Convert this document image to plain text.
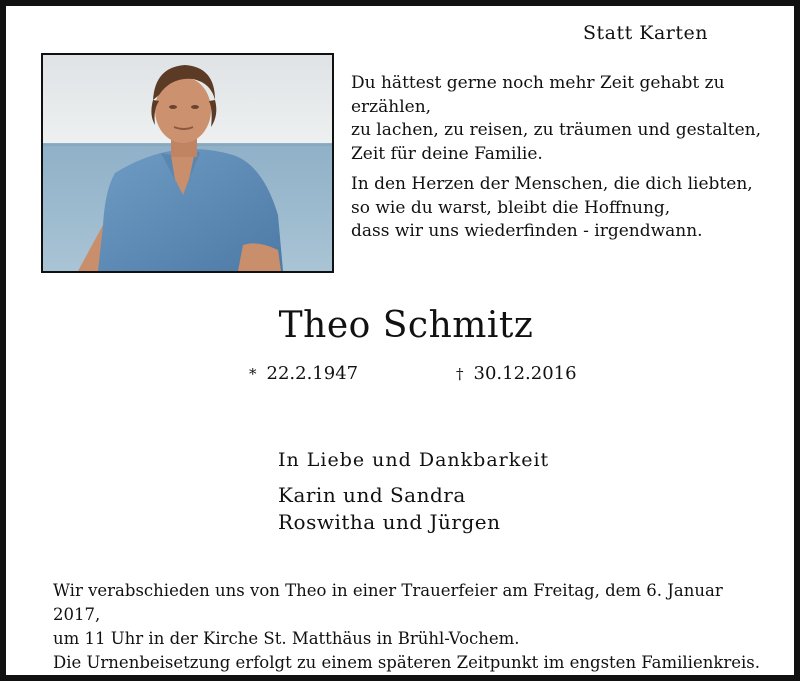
Statt Karten

Du hättest gerne noch mehr Zeit gehabt zu erzählen,
zu lachen, zu reisen, zu träumen und gestalten,
Zeit für deine Familie.

In den Herzen der Menschen, die dich liebten,
so wie du warst, bleibt die Hoffnung,
dass wir uns wiederfinden - irgendwann.

Theo Schmitz
* 22.2.1947	† 30.12.2016
In Liebe und Dankbarkeit
Karin und Sandra
Roswitha und Jürgen

Wir verabschieden uns von Theo in einer Trauerfeier am Freitag, dem 6. Januar 2017,

um 11 Uhr in der Kirche St. Matthäus in Brühl-Vochem.

Die Urnenbeisetzung erfolgt zu einem späteren Zeitpunkt im engsten Familienkreis.
